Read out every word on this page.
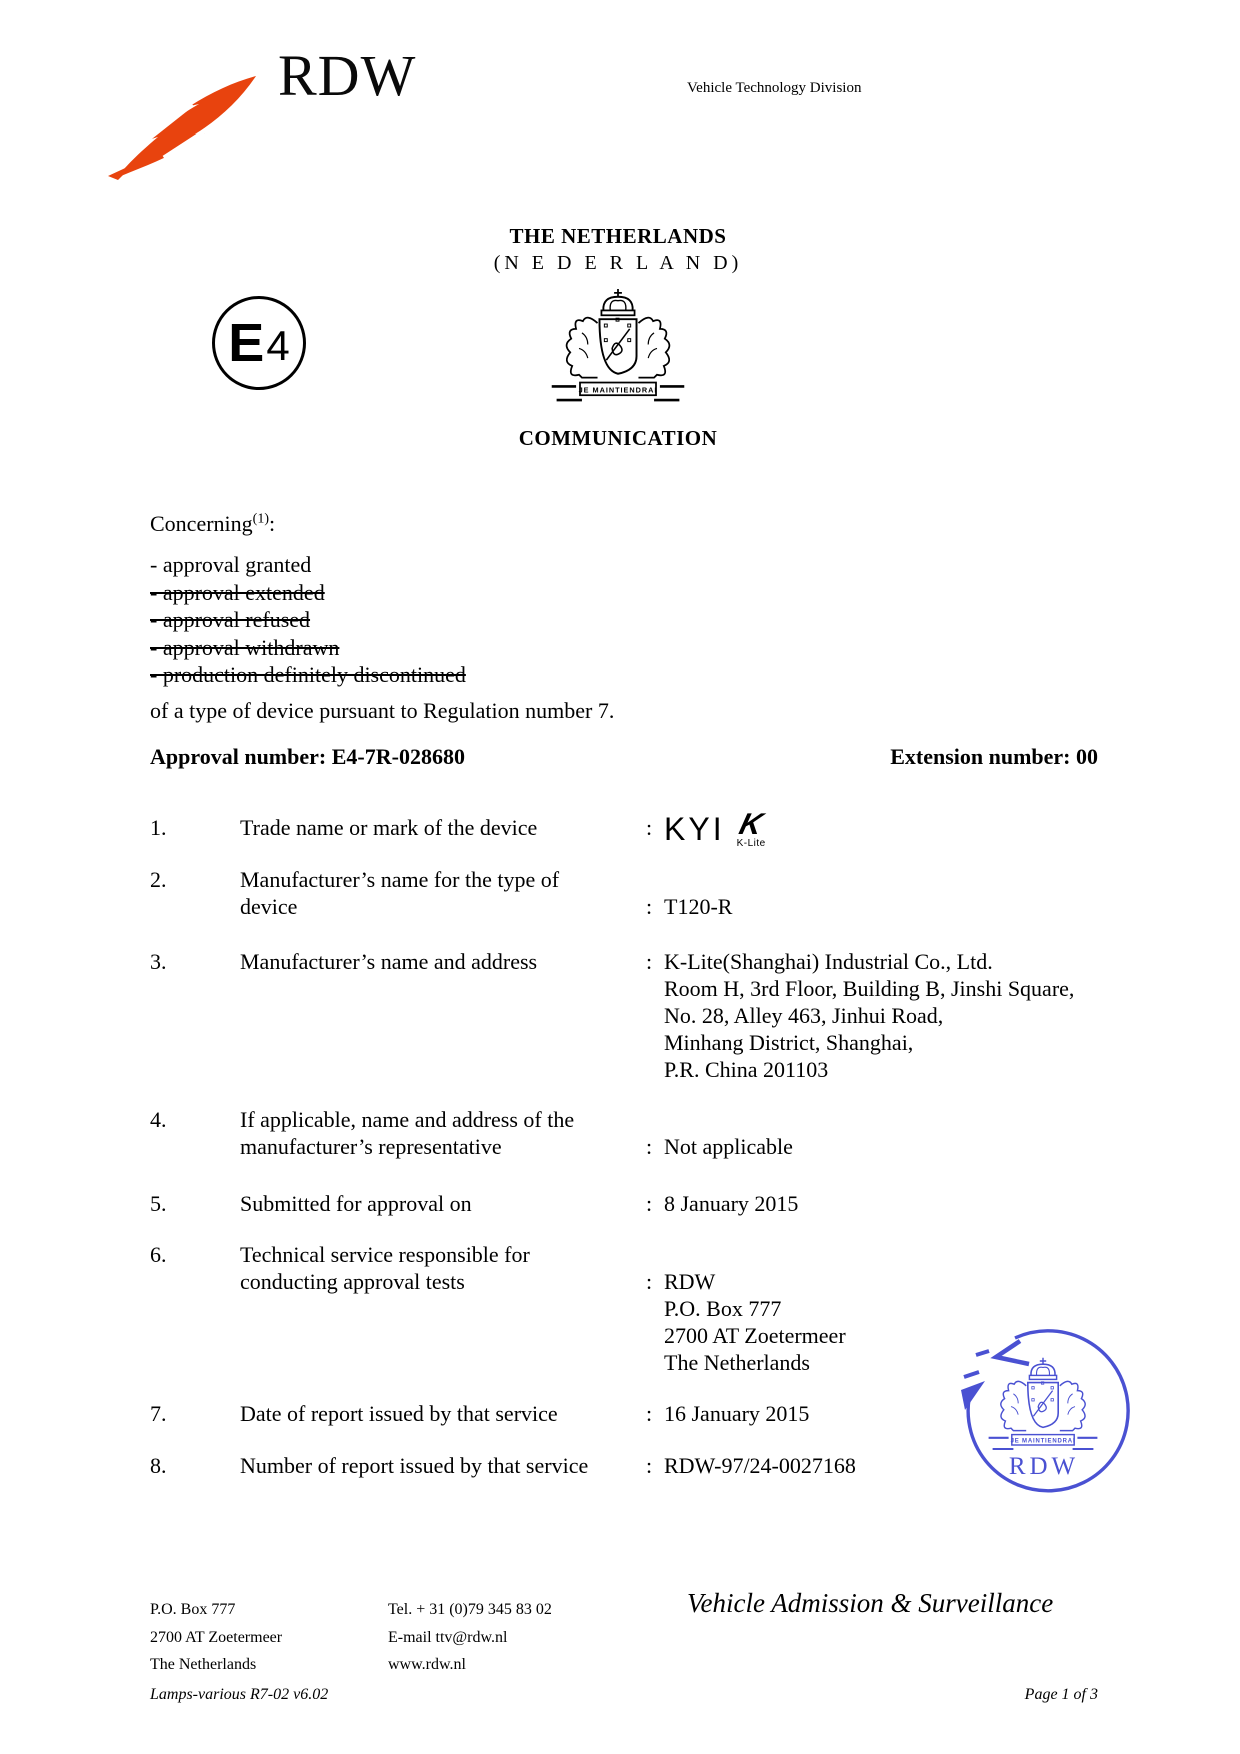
RDW	Vehicle Technology Division
THE NETHERLANDS
(N E D E R L A N D)
E 4
COMMUNICATION
Concerning$^{(1)}$:
- approval granted
- approval extended
- approval refused
- approval withdrawn
- production definitely discontinued
of a type of device pursuant to Regulation number 7.
Approval number: E4-7R-028680	Extension number: 00
1.	Trade name or mark of the device	: KYI K
K-Lite
2.	Manufacturer’s name for the type of
device	: T120-R
3.	Manufacturer’s name and address	: K-Lite(Shanghai) Industrial Co., Ltd.
Room H, 3rd Floor, Building B, Jinshi Square,
No. 28, Alley 463, Jinhui Road,
Minhang District, Shanghai,
P.R. China 201103
4.	If applicable, name and address of the
manufacturer’s representative	: Not applicable
5.	Submitted for approval on	: 8 January 2015
6.	Technical service responsible for
conducting approval tests	: RDW
P.O. Box 777
2700 AT Zoetermeer
The Netherlands
7.	Date of report issued by that service	: 16 January 2015
8.	Number of report issued by that service	: RDW-97/24-0027168	RDW
P.O. Box 777
2700 AT Zoetermeer
The Netherlands
Tel. + 31 (0)79 345 83 02
E-mail ttv@rdw.nl
www.rdw.nl
Vehicle Admission & Surveillance
Lamps-various R7-02 v6.02	Page 1 of 3
